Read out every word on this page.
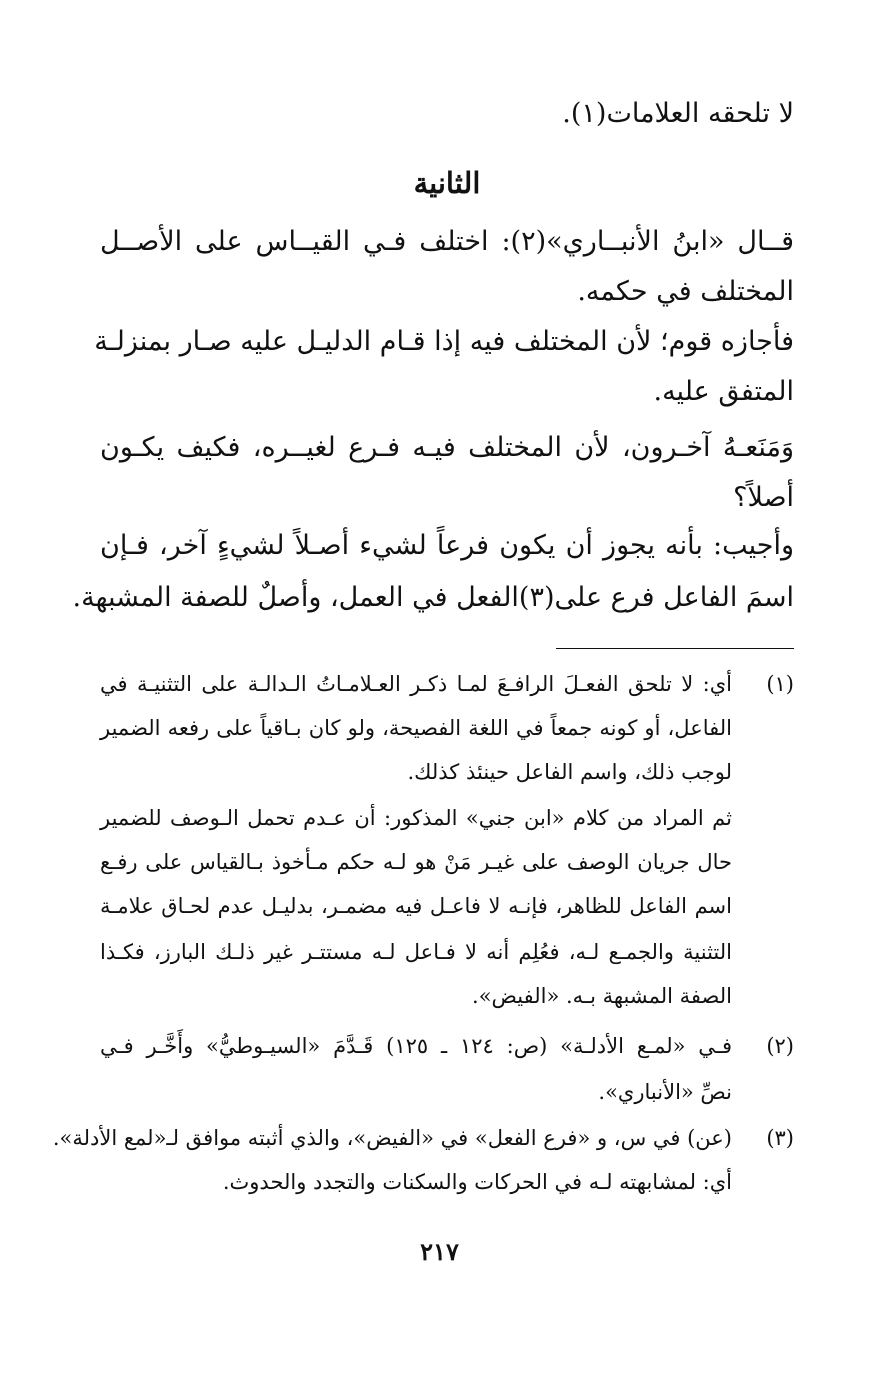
لا تلحقه العلامات(١).
الثانية
قــال «ابنُ الأنبــاري»(٢): اختلف فـي القيــاس على الأصــل
المختلف في حكمه.
فأجازه قوم؛ لأن المختلف فيه إذا قـام الدليـل عليه صـار بمنزلـة
المتفق عليه.
وَمَنَعـهُ آخـرون، لأن المختلف فيـه فـرع لغيــره، فكيف يكـون
أصلاً؟
وأجيب: بأنه يجوز أن يكون فرعاً لشيء أصـلاً لشيءٍ آخر، فـإن
اسمَ الفاعل فرع على(٣)الفعل في العمل، وأصلٌ للصفة المشبهة.
(١)
أي: لا تلحق الفعـلَ الرافـعَ لمـا ذكـر العـلامـاتُ الـدالـة على التثنيـة في
الفاعل، أو كونه جمعاً في اللغة الفصيحة، ولو كان بـاقياً على رفعه الضمير
لوجب ذلك، واسم الفاعل حينئذ كذلك.
ثم المراد من كلام «ابن جني» المذكور: أن عـدم تحمل الـوصف للضمير
حال جريان الوصف على غيـر مَنْ هو لـه حكم مـأخوذ بـالقياس على رفـع
اسم الفاعل للظاهر، فإنـه لا فاعـل فيه مضمـر، بدليـل عدم لحـاق علامـة
التثنية والجمـع لـه، فعُلِم أنه لا فـاعل لـه مستتـر غير ذلـك البارز، فكـذا
الصفة المشبهة بـه. «الفيض».
(٢)
فـي «لمـع الأدلـة» (ص: ١٢٤ ـ ١٢٥) قَـدَّمَ «السيـوطيُّ» وأَخَّـر فـي
نصِّ «الأنباري».
(٣)
(عن) في س، و «فرع الفعل» في «الفيض»، والذي أثبته موافق لـ«لمع الأدلة».
أي: لمشابهته لـه في الحركات والسكنات والتجدد والحدوث.
٢١٧
